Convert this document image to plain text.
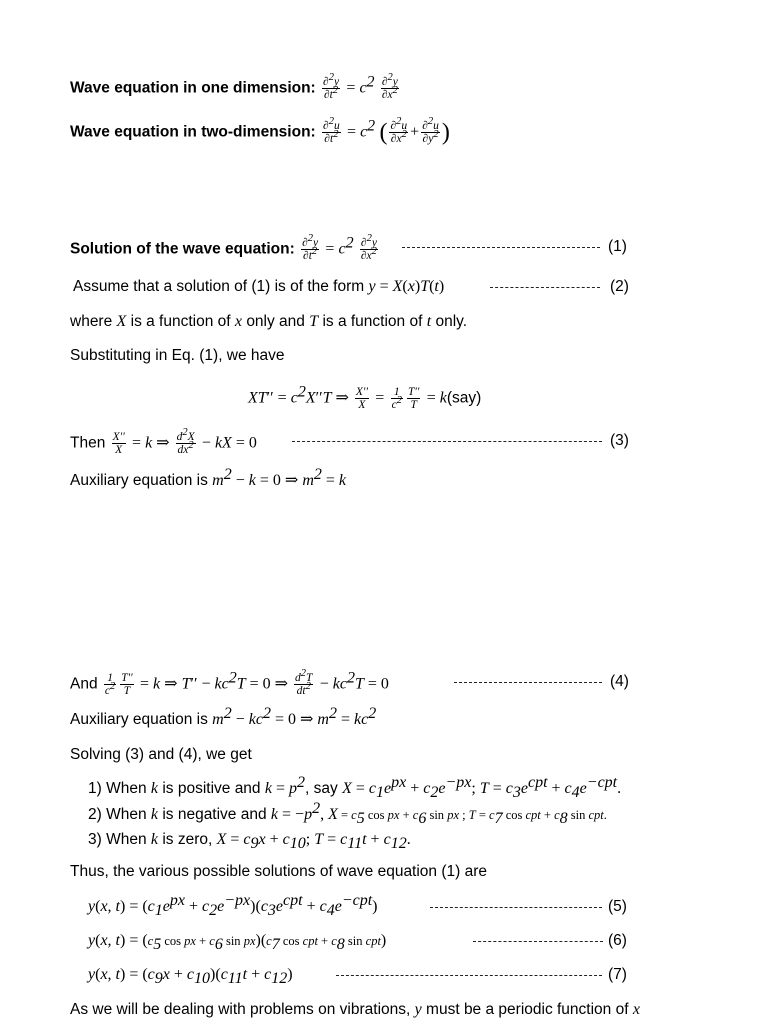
Wave equation in one dimension: $\frac{\partial^2y}{\partial t^2} = c^2 \frac{\partial^2y}{\partial x^2}$
Wave equation in two-dimension: $\frac{\partial^2u}{\partial t^2} = c^2$ ( $\frac{\partial^2u}{\partial x^2} + \frac{\partial^2u}{\partial y^2}$ )
Solution of the wave equation: $\frac{\partial^2y}{\partial t^2} = c^2 \frac{\partial^2y}{\partial x^2}$	(1)
Assume that a solution of (1) is of the form y = X(x)T(t)	(2)
where X is a function of x only and T is a function of t only.
Substituting in Eq. (1), we have
$XT'' = c^2X''T$ ⇒ $\frac{X''}{X} = \frac{1}{c^2} \frac{T''}{T} = k(say)$
Then $\frac{X''}{X} = k$ ⇒ $\frac{d^2X}{dx^2}$ − kX = 0	(3)
Auxiliary equation is $m^2 - k = 0$ ⇒ $m^2 = k$
And $\frac{1}{c^2} \frac{T''}{T} = k$ ⇒ $T'' - kc^2T = 0$ ⇒ $\frac{d^2T}{dt^2} - kc^2T = 0$	(4)
Auxiliary equation is $m^2 - kc^2 = 0$ ⇒ $m^2 = kc^2$
Solving (3) and (4), we get
1) When k is positive and $k = p^2$, say $X = c_1e^{px} + c_2e^{-px}$; $T = c_3e^{cpt} + c_4e^{-cpt}$.
2) When k is negative and $k = -p^2$, $X = c_5$ cos px + $c_6$ sin px ; $T = c_7$ cos cpt + $c_8$ sin cpt.
3) When k is zero, $X = c_9x + c_{10}$; $T = c_{11}t + c_{12}$.
Thus, the various possible solutions of wave equation (1) are
y(x, $t) = (c_1e^{px} + c_2e^{-px})(c_3e^{cpt} + c_4e^{-cpt})$	(5)
y(x, $t) = (c_5$ cos px + $c_6$ $\sin px)(c_7$ cos cpt + $c_8$ sin cpt)	(6)
y(x, $t) = (c_9x + c_{10})(c_{11}t + c_{12})$	(7)
As we will be dealing with problems on vibrations, y must be a periodic function of x
